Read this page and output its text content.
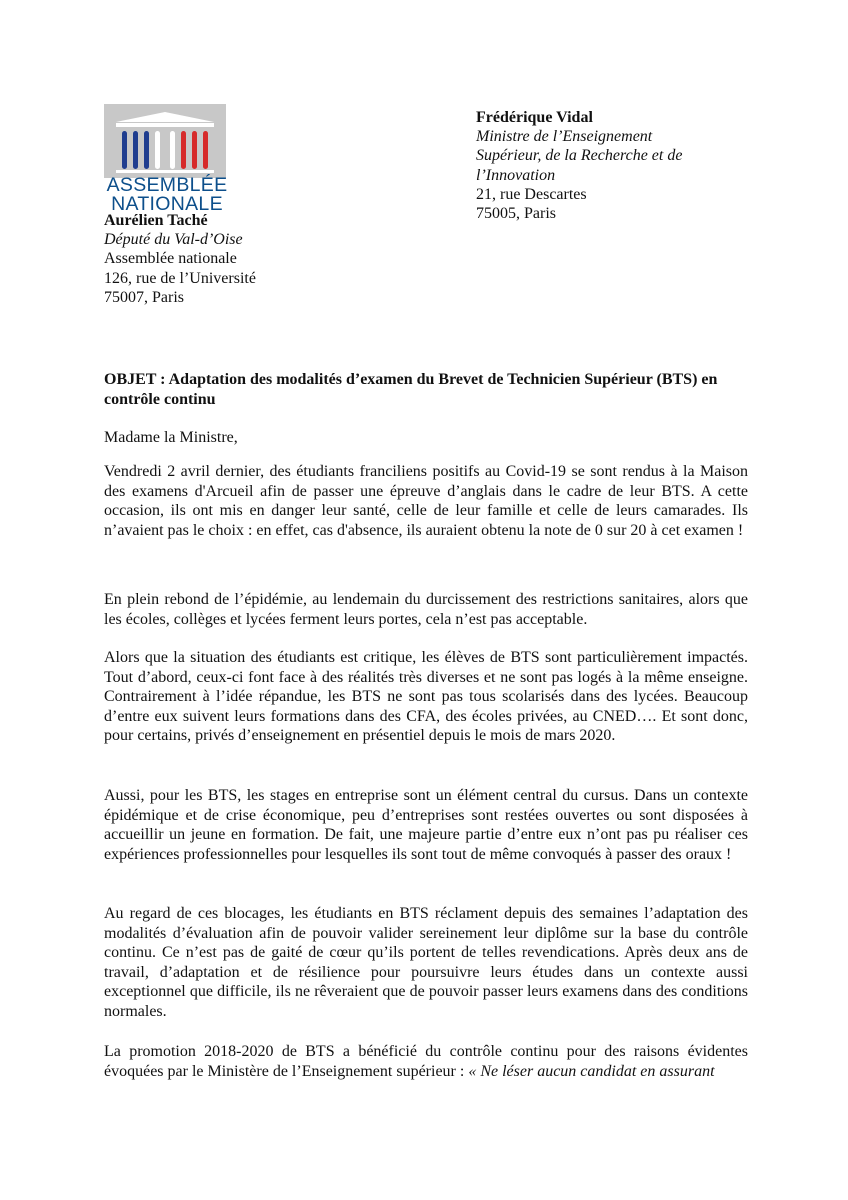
ASSEMBLÉE
NATIONALE
Aurélien Taché
Député du Val-d’Oise
Assemblée nationale
126, rue de l’Université
75007, Paris
Frédérique Vidal
Ministre de l’Enseignement
Supérieur, de la Recherche et de
l’Innovation
21, rue Descartes
75005, Paris
OBJET : Adaptation des modalités d’examen du Brevet de Technicien Supérieur (BTS) en contrôle continu
Madame la Ministre,

Vendredi 2 avril dernier, des étudiants franciliens positifs au Covid-19 se sont rendus à la Maison des examens d'Arcueil afin de passer une épreuve d’anglais dans le cadre de leur BTS. A cette occasion, ils ont mis en danger leur santé, celle de leur famille et celle de leurs camarades. Ils n’avaient pas le choix : en effet, cas d'absence, ils auraient obtenu la note de 0 sur 20 à cet examen !

En plein rebond de l’épidémie, au lendemain du durcissement des restrictions sanitaires, alors que les écoles, collèges et lycées ferment leurs portes, cela n’est pas acceptable.

Alors que la situation des étudiants est critique, les élèves de BTS sont particulièrement impactés. Tout d’abord, ceux-ci font face à des réalités très diverses et ne sont pas logés à la même enseigne. Contrairement à l’idée répandue, les BTS ne sont pas tous scolarisés dans des lycées. Beaucoup d’entre eux suivent leurs formations dans des CFA, des écoles privées, au CNED…. Et sont donc, pour certains, privés d’enseignement en présentiel depuis le mois de mars 2020.

Aussi, pour les BTS, les stages en entreprise sont un élément central du cursus. Dans un contexte épidémique et de crise économique, peu d’entreprises sont restées ouvertes ou sont disposées à accueillir un jeune en formation. De fait, une majeure partie d’entre eux n’ont pas pu réaliser ces expériences professionnelles pour lesquelles ils sont tout de même convoqués à passer des oraux !

Au regard de ces blocages, les étudiants en BTS réclament depuis des semaines l’adaptation des modalités d’évaluation afin de pouvoir valider sereinement leur diplôme sur la base du contrôle continu. Ce n’est pas de gaité de cœur qu’ils portent de telles revendications. Après deux ans de travail, d’adaptation et de résilience pour poursuivre leurs études dans un contexte aussi exceptionnel que difficile, ils ne rêveraient que de pouvoir passer leurs examens dans des conditions normales.

La promotion 2018-2020 de BTS a bénéficié du contrôle continu pour des raisons évidentes évoquées par le Ministère de l’Enseignement supérieur : « Ne léser aucun candidat en assurant
